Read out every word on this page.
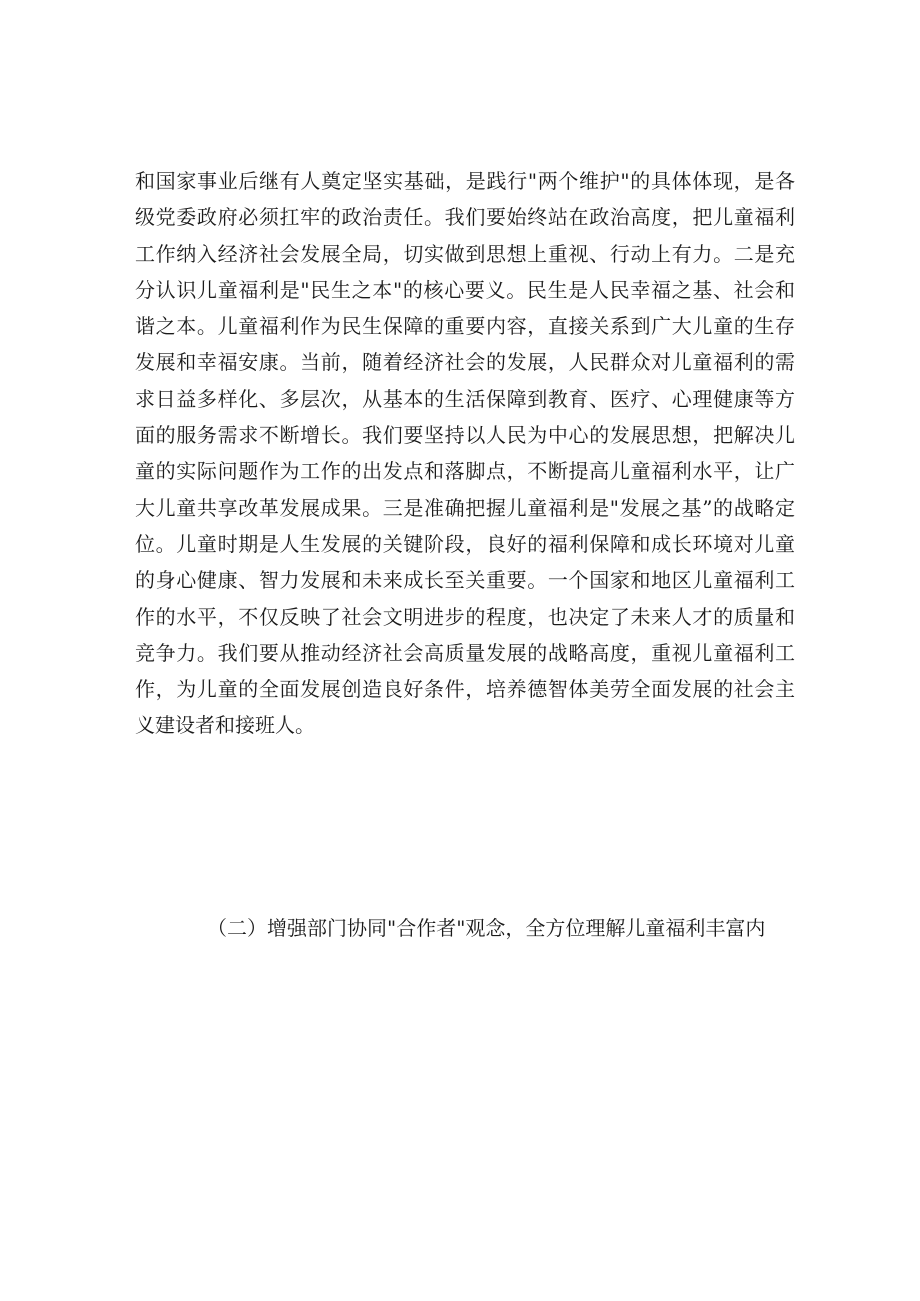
和国家事业后继有人奠定坚实基础，是践行"两个维护"的具体体现，是各
级党委政府必须扛牢的政治责任。我们要始终站在政治高度，把儿童福利
工作纳入经济社会发展全局，切实做到思想上重视、行动上有力。二是充
分认识儿童福利是"民生之本"的核心要义。民生是人民幸福之基、社会和
谐之本。儿童福利作为民生保障的重要内容，直接关系到广大儿童的生存
发展和幸福安康。当前，随着经济社会的发展，人民群众对儿童福利的需
求日益多样化、多层次，从基本的生活保障到教育、医疗、心理健康等方
面的服务需求不断增长。我们要坚持以人民为中心的发展思想，把解决儿
童的实际问题作为工作的出发点和落脚点，不断提高儿童福利水平，让广
大儿童共享改革发展成果。三是准确把握儿童福利是"发展之基”的战略定
位。儿童时期是人生发展的关键阶段，良好的福利保障和成长环境对儿童
的身心健康、智力发展和未来成长至关重要。一个国家和地区儿童福利工
作的水平，不仅反映了社会文明进步的程度，也决定了未来人才的质量和
竞争力。我们要从推动经济社会高质量发展的战略高度，重视儿童福利工
作，为儿童的全面发展创造良好条件，培养德智体美劳全面发展的社会主
义建设者和接班人。
（二）增强部门协同"合作者"观念，全方位理解儿童福利丰富内
